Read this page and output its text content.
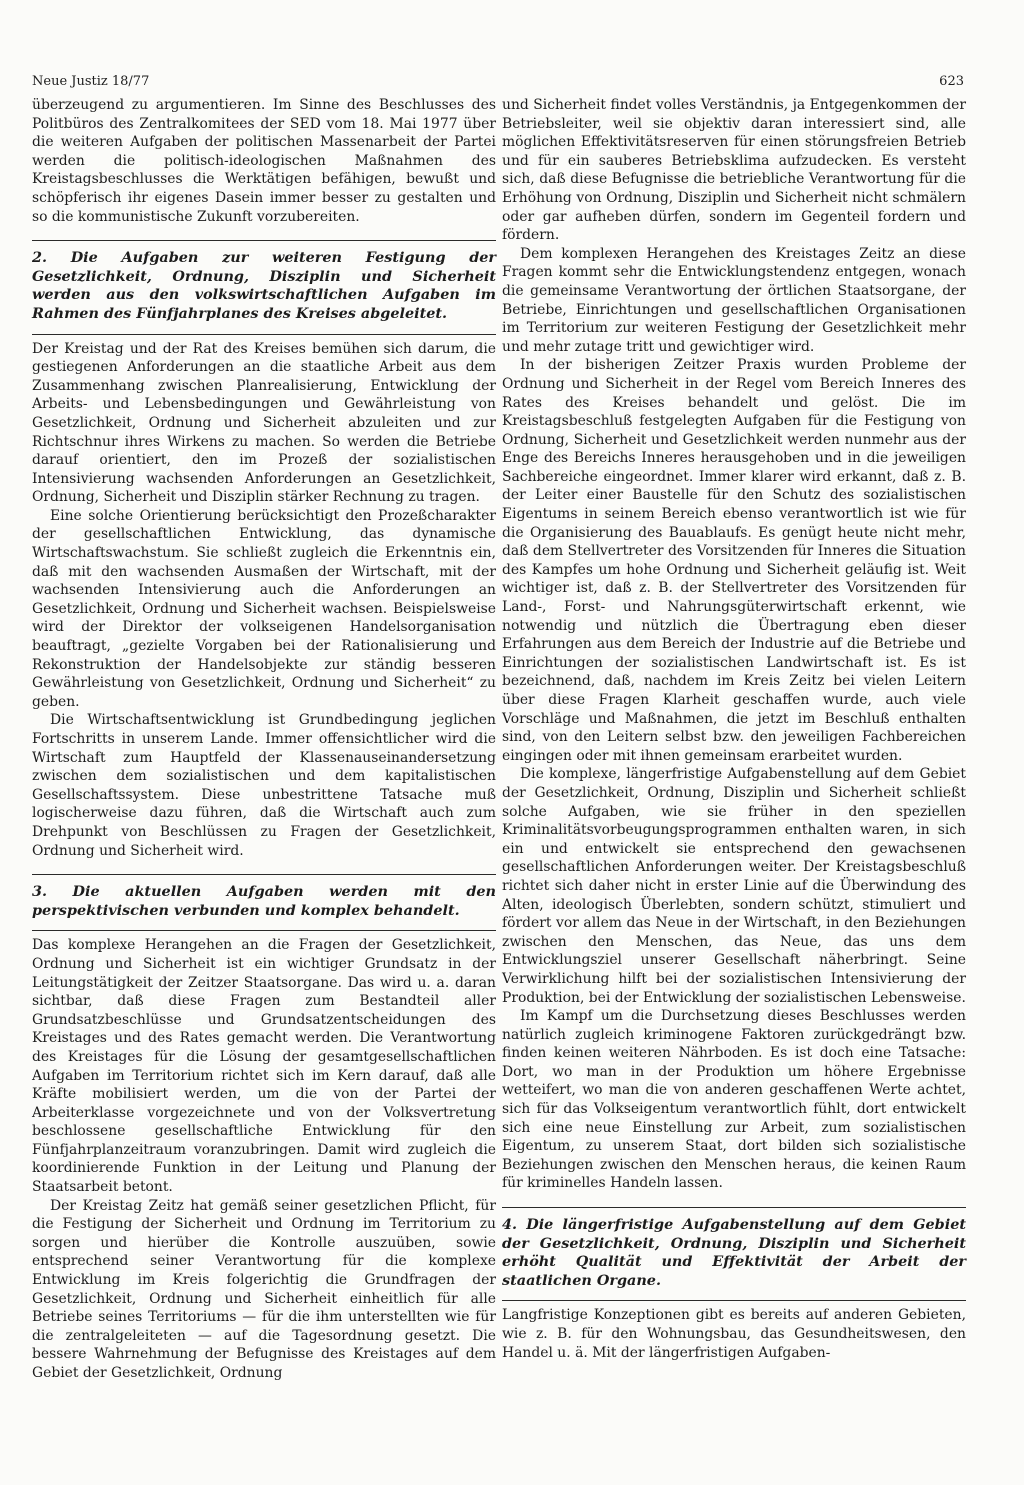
Neue Justiz 18/77	623

überzeugend zu argumentieren. Im Sinne des Beschlusses des Politbüros des Zentralkomitees der SED vom 18. Mai 1977 über die weiteren Aufgaben der politischen Massenarbeit der Partei werden die politisch-ideologischen Maßnahmen des Kreistagsbeschlusses die Werktätigen befähigen, bewußt und schöpferisch ihr eigenes Dasein immer besser zu gestalten und so die kommunistische Zukunft vorzubereiten.

2. Die Aufgaben zur weiteren Festigung der Gesetzlichkeit, Ordnung, Disziplin und Sicherheit werden aus den volkswirtschaftlichen Aufgaben im Rahmen des Fünfjahrplanes des Kreises abgeleitet.

Der Kreistag und der Rat des Kreises bemühen sich darum, die gestiegenen Anforderungen an die staatliche Arbeit aus dem Zusammenhang zwischen Planrealisierung, Entwicklung der Arbeits- und Lebensbedingungen und Gewährleistung von Gesetzlichkeit, Ordnung und Sicherheit abzuleiten und zur Richtschnur ihres Wirkens zu machen. So werden die Betriebe darauf orientiert, den im Prozeß der sozialistischen Intensivierung wachsenden Anforderungen an Gesetzlichkeit, Ordnung, Sicherheit und Disziplin stärker Rechnung zu tragen.

Eine solche Orientierung berücksichtigt den Prozeßcharakter der gesellschaftlichen Entwicklung, das dynamische Wirtschaftswachstum. Sie schließt zugleich die Erkenntnis ein, daß mit den wachsenden Ausmaßen der Wirtschaft, mit der wachsenden Intensivierung auch die Anforderungen an Gesetzlichkeit, Ordnung und Sicherheit wachsen. Beispielsweise wird der Direktor der volkseigenen Handelsorganisation beauftragt, „gezielte Vorgaben bei der Rationalisierung und Rekonstruktion der Handelsobjekte zur ständig besseren Gewährleistung von Gesetzlichkeit, Ordnung und Sicherheit“ zu geben.

Die Wirtschaftsentwicklung ist Grundbedingung jeglichen Fortschritts in unserem Lande. Immer offensichtlicher wird die Wirtschaft zum Hauptfeld der Klassenauseinandersetzung zwischen dem sozialistischen und dem kapitalistischen Gesellschaftssystem. Diese unbestrittene Tatsache muß logischerweise dazu führen, daß die Wirtschaft auch zum Drehpunkt von Beschlüssen zu Fragen der Gesetzlichkeit, Ordnung und Sicherheit wird.

3. Die aktuellen Aufgaben werden mit den perspektivischen verbunden und komplex behandelt.

Das komplexe Herangehen an die Fragen der Gesetzlichkeit, Ordnung und Sicherheit ist ein wichtiger Grundsatz in der Leitungstätigkeit der Zeitzer Staatsorgane. Das wird u. a. daran sichtbar, daß diese Fragen zum Bestandteil aller Grundsatzbeschlüsse und Grundsatzentscheidungen des Kreistages und des Rates gemacht werden. Die Verantwortung des Kreistages für die Lösung der gesamtgesellschaftlichen Aufgaben im Territorium richtet sich im Kern darauf, daß alle Kräfte mobilisiert werden, um die von der Partei der Arbeiterklasse vorgezeichnete und von der Volksvertretung beschlossene gesellschaftliche Entwicklung für den Fünfjahrplanzeitraum voranzubringen. Damit wird zugleich die koordinierende Funktion in der Leitung und Planung der Staatsarbeit betont.

Der Kreistag Zeitz hat gemäß seiner gesetzlichen Pflicht, für die Festigung der Sicherheit und Ordnung im Territorium zu sorgen und hierüber die Kontrolle auszuüben, sowie entsprechend seiner Verantwortung für die komplexe Entwicklung im Kreis folgerichtig die Grundfragen der Gesetzlichkeit, Ordnung und Sicherheit einheitlich für alle Betriebe seines Territoriums — für die ihm unterstellten wie für die zentralgeleiteten — auf die Tagesordnung gesetzt. Die bessere Wahrnehmung der Befugnisse des Kreistages auf dem Gebiet der Gesetzlichkeit, Ordnung

und Sicherheit findet volles Verständnis, ja Entgegenkommen der Betriebsleiter, weil sie objektiv daran interessiert sind, alle möglichen Effektivitätsreserven für einen störungsfreien Betrieb und für ein sauberes Betriebsklima aufzudecken. Es versteht sich, daß diese Befugnisse die betriebliche Verantwortung für die Erhöhung von Ordnung, Disziplin und Sicherheit nicht schmälern oder gar aufheben dürfen, sondern im Gegenteil fordern und fördern.

Dem komplexen Herangehen des Kreistages Zeitz an diese Fragen kommt sehr die Entwicklungstendenz entgegen, wonach die gemeinsame Verantwortung der örtlichen Staatsorgane, der Betriebe, Einrichtungen und gesellschaftlichen Organisationen im Territorium zur weiteren Festigung der Gesetzlichkeit mehr und mehr zutage tritt und gewichtiger wird.

In der bisherigen Zeitzer Praxis wurden Probleme der Ordnung und Sicherheit in der Regel vom Bereich Inneres des Rates des Kreises behandelt und gelöst. Die im Kreistagsbeschluß festgelegten Aufgaben für die Festigung von Ordnung, Sicherheit und Gesetzlichkeit werden nunmehr aus der Enge des Bereichs Inneres herausgehoben und in die jeweiligen Sachbereiche eingeordnet. Immer klarer wird erkannt, daß z. B. der Leiter einer Baustelle für den Schutz des sozialistischen Eigentums in seinem Bereich ebenso verantwortlich ist wie für die Organisierung des Bauablaufs. Es genügt heute nicht mehr, daß dem Stellvertreter des Vorsitzenden für Inneres die Situation des Kampfes um hohe Ordnung und Sicherheit geläufig ist. Weit wichtiger ist, daß z. B. der Stellvertreter des Vorsitzenden für Land-, Forst- und Nahrungsgüterwirtschaft erkennt, wie notwendig und nützlich die Übertragung eben dieser Erfahrungen aus dem Bereich der Industrie auf die Betriebe und Einrichtungen der sozialistischen Landwirtschaft ist. Es ist bezeichnend, daß, nachdem im Kreis Zeitz bei vielen Leitern über diese Fragen Klarheit geschaffen wurde, auch viele Vorschläge und Maßnahmen, die jetzt im Beschluß enthalten sind, von den Leitern selbst bzw. den jeweiligen Fachbereichen eingingen oder mit ihnen gemeinsam erarbeitet wurden.

Die komplexe, längerfristige Aufgabenstellung auf dem Gebiet der Gesetzlichkeit, Ordnung, Disziplin und Sicherheit schließt solche Aufgaben, wie sie früher in den speziellen Kriminalitätsvorbeugungsprogrammen enthalten waren, in sich ein und entwickelt sie entsprechend den gewachsenen gesellschaftlichen Anforderungen weiter. Der Kreistagsbeschluß richtet sich daher nicht in erster Linie auf die Überwindung des Alten, ideologisch Überlebten, sondern schützt, stimuliert und fördert vor allem das Neue in der Wirtschaft, in den Beziehungen zwischen den Menschen, das Neue, das uns dem Entwicklungsziel unserer Gesellschaft näherbringt. Seine Verwirklichung hilft bei der sozialistischen Intensivierung der Produktion, bei der Entwicklung der sozialistischen Lebensweise.

Im Kampf um die Durchsetzung dieses Beschlusses werden natürlich zugleich kriminogene Faktoren zurückgedrängt bzw. finden keinen weiteren Nährboden. Es ist doch eine Tatsache: Dort, wo man in der Produktion um höhere Ergebnisse wetteifert, wo man die von anderen geschaffenen Werte achtet, sich für das Volkseigentum verantwortlich fühlt, dort entwickelt sich eine neue Einstellung zur Arbeit, zum sozialistischen Eigentum, zu unserem Staat, dort bilden sich sozialistische Beziehungen zwischen den Menschen heraus, die keinen Raum für kriminelles Handeln lassen.

4. Die längerfristige Aufgabenstellung auf dem Gebiet der Gesetzlichkeit, Ordnung, Disziplin und Sicherheit erhöht Qualität und Effektivität der Arbeit der staatlichen Organe.

Langfristige Konzeptionen gibt es bereits auf anderen Gebieten, wie z. B. für den Wohnungsbau, das Gesundheitswesen, den Handel u. ä. Mit der längerfristigen Aufgaben-
